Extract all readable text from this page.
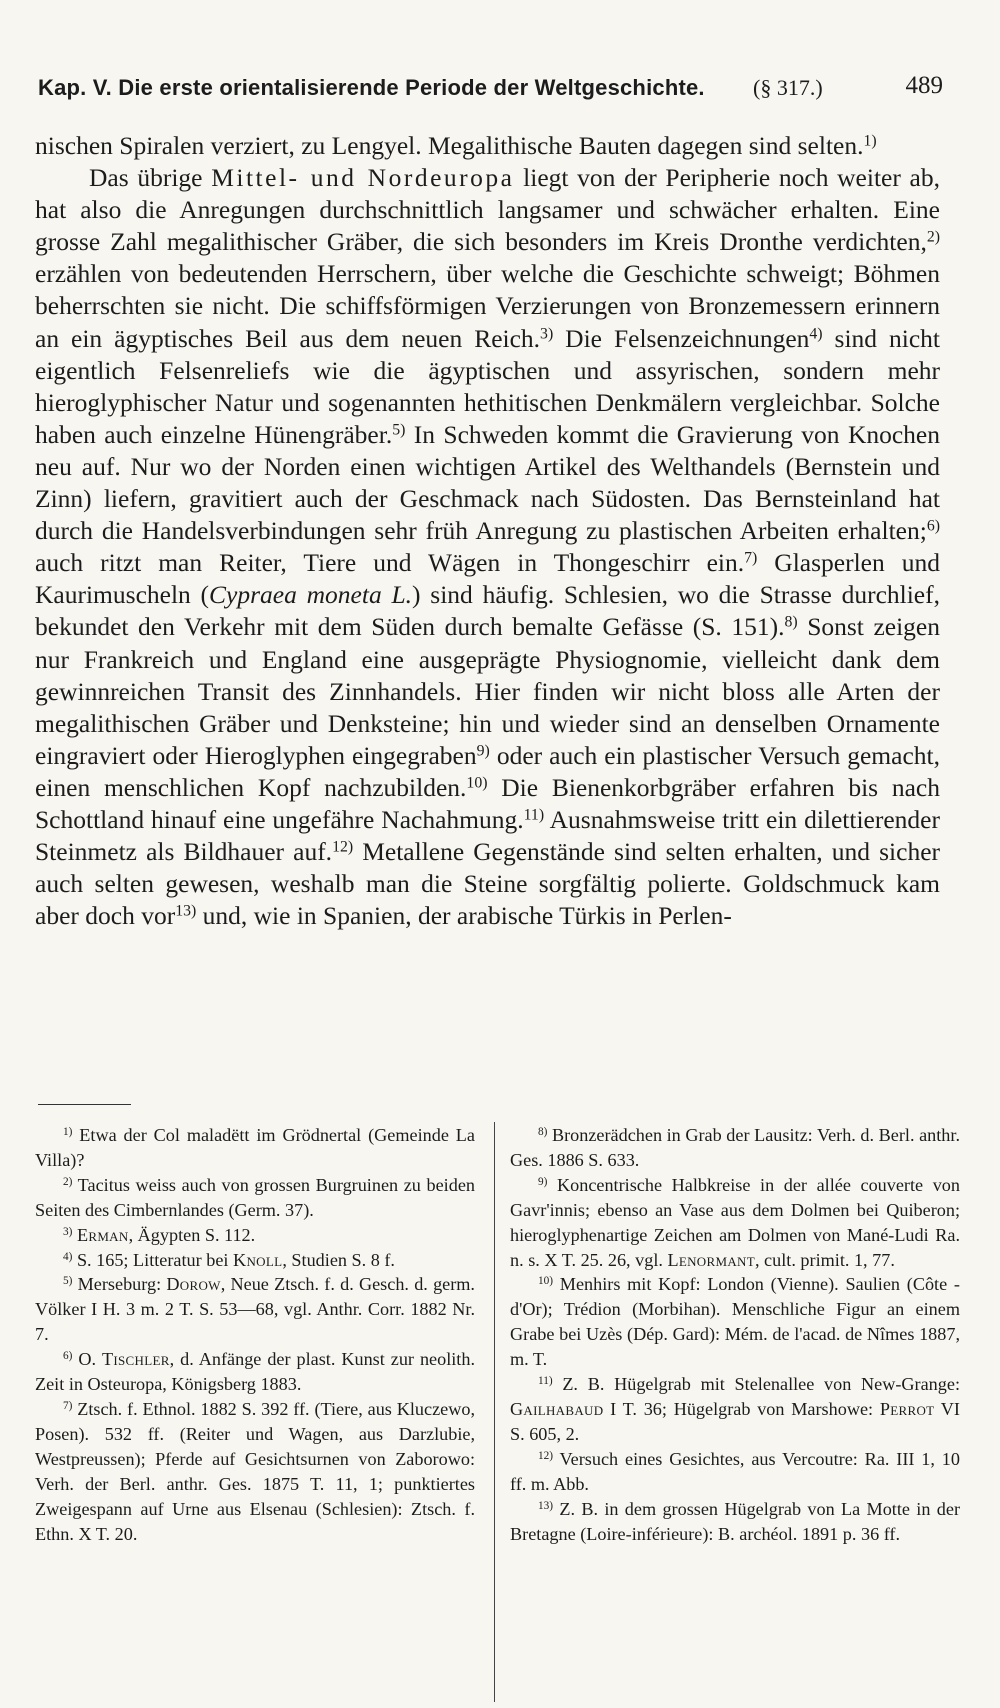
Kap. V. Die erste orientalisierende Periode der Weltgeschichte. (§ 317.)	489

nischen Spiralen verziert, zu Lengyel. Megalithische Bauten dagegen sind selten.$^{1)}$

Das übrige Mittel- und Nordeuropa liegt von der Peripherie noch weiter ab, hat also die Anregungen durchschnittlich langsamer und schwächer erhalten. Eine grosse Zahl megalithischer Gräber, die sich besonders im Kreis Dronthe verdichten,$^{2)}$ erzählen von bedeutenden Herrschern, über welche die Geschichte schweigt; Böhmen beherrschten sie nicht. Die schiffsförmigen Verzierungen von Bronzemessern erinnern an ein ägyptisches Beil aus dem neuen Reich.$^{3)}$ Die Felsenzeichnungen$^{4)}$ sind nicht eigentlich Felsenreliefs wie die ägyptischen und assyrischen, sondern mehr hieroglyphischer Natur und sogenannten hethitischen Denkmälern vergleichbar. Solche haben auch einzelne Hünengräber.$^{5)}$ In Schweden kommt die Gravierung von Knochen neu auf. Nur wo der Norden einen wichtigen Artikel des Welthandels (Bernstein und Zinn) liefern, gravitiert auch der Geschmack nach Südosten. Das Bernsteinland hat durch die Handelsverbindungen sehr früh Anregung zu plastischen Arbeiten erhalten;$^{6)}$ auch ritzt man Reiter, Tiere und Wägen in Thongeschirr ein.$^{7)}$ Glasperlen und Kaurimuscheln (Cypraea moneta L.) sind häufig. Schlesien, wo die Strasse durchlief, bekundet den Verkehr mit dem Süden durch bemalte Gefässe (S. 151).$^{8)}$ Sonst zeigen nur Frankreich und England eine ausgeprägte Physiognomie, vielleicht dank dem gewinnreichen Transit des Zinnhandels. Hier finden wir nicht bloss alle Arten der megalithischen Gräber und Denksteine; hin und wieder sind an denselben Ornamente eingraviert oder Hieroglyphen eingegraben$^{9)}$ oder auch ein plastischer Versuch gemacht, einen menschlichen Kopf nachzubilden.$^{10)}$ Die Bienenkorbgräber erfahren bis nach Schottland hinauf eine ungefähre Nachahmung.$^{11)}$ Ausnahmsweise tritt ein dilettierender Steinmetz als Bildhauer auf.$^{12)}$ Metallene Gegenstände sind selten erhalten, und sicher auch selten gewesen, weshalb man die Steine sorgfältig polierte. Goldschmuck kam aber doch vor$^{13)}$ und, wie in Spanien, der arabische Türkis in Perlen-

$^{1)}$ Etwa der Col maladëtt im Grödnertal (Gemeinde La Villa)?

$^{2)}$ Tacitus weiss auch von grossen Burgruinen zu beiden Seiten des Cimbernlandes (Germ. 37).

$^{3)}$ Erman, Ägypten S. 112.

$^{4)}$ S. 165; Litteratur bei Knoll, Studien S. 8 f.

$^{5)}$ Merseburg: Dorow, Neue Ztsch. f. d. Gesch. d. germ. Völker I H. 3 m. 2 T. S. 53—68, vgl. Anthr. Corr. 1882 Nr. 7.

$^{6)}$ O. Tischler, d. Anfänge der plast. Kunst zur neolith. Zeit in Osteuropa, Königsberg 1883.

$^{7)}$ Ztsch. f. Ethnol. 1882 S. 392 ff. (Tiere, aus Kluczewo, Posen). 532 ff. (Reiter und Wagen, aus Darzlubie, Westpreussen); Pferde auf Gesichtsurnen von Zaborowo: Verh. der Berl. anthr. Ges. 1875 T. 11, 1; punktiertes Zweigespann auf Urne aus Elsenau (Schlesien): Ztsch. f. Ethn. X T. 20.

$^{8)}$ Bronzerädchen in Grab der Lausitz: Verh. d. Berl. anthr. Ges. 1886 S. 633.

$^{9)}$ Koncentrische Halbkreise in der allée couverte von Gavr'innis; ebenso an Vase aus dem Dolmen bei Quiberon; hieroglyphenartige Zeichen am Dolmen von Mané-Ludi Ra. n. s. X T. 25. 26, vgl. Lenormant, cult. primit. 1, 77.

$^{10)}$ Menhirs mit Kopf: London (Vienne). Saulien (Côte - d'Or); Trédion (Morbihan). Menschliche Figur an einem Grabe bei Uzès (Dép. Gard): Mém. de l'acad. de Nîmes 1887, m. T.

$^{11)}$ Z. B. Hügelgrab mit Stelenallee von New-Grange: Gailhabaud I T. 36; Hügelgrab von Marshowe: Perrot VI S. 605, 2.

$^{12)}$ Versuch eines Gesichtes, aus Vercoutre: Ra. III 1, 10 ff. m. Abb.

$^{13)}$ Z. B. in dem grossen Hügelgrab von La Motte in der Bretagne (Loire-inférieure): B. archéol. 1891 p. 36 ff.
